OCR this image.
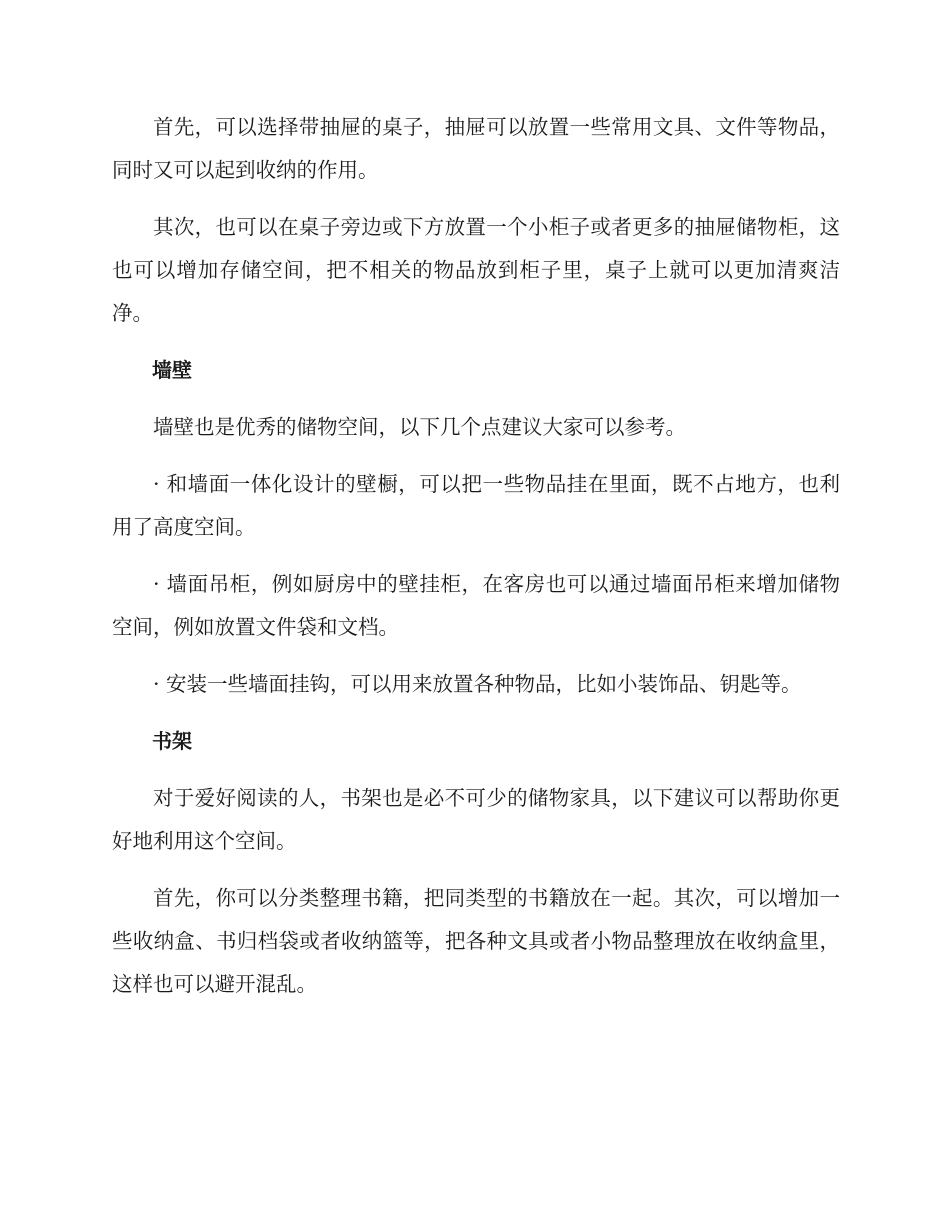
首先，可以选择带抽屉的桌子，抽屉可以放置一些常用文具、文件等物品，同时又可以起到收纳的作用。

其次，也可以在桌子旁边或下方放置一个小柜子或者更多的抽屉储物柜，这也可以增加存储空间，把不相关的物品放到柜子里，桌子上就可以更加清爽洁净。

墙壁

墙壁也是优秀的储物空间，以下几个点建议大家可以参考。

· 和墙面一体化设计的壁橱，可以把一些物品挂在里面，既不占地方，也利用了高度空间。

· 墙面吊柜，例如厨房中的壁挂柜，在客房也可以通过墙面吊柜来增加储物空间，例如放置文件袋和文档。

· 安装一些墙面挂钩，可以用来放置各种物品，比如小装饰品、钥匙等。

书架

对于爱好阅读的人，书架也是必不可少的储物家具，以下建议可以帮助你更好地利用这个空间。

首先，你可以分类整理书籍，把同类型的书籍放在一起。其次，可以增加一些收纳盒、书归档袋或者收纳篮等，把各种文具或者小物品整理放在收纳盒里，这样也可以避开混乱。
